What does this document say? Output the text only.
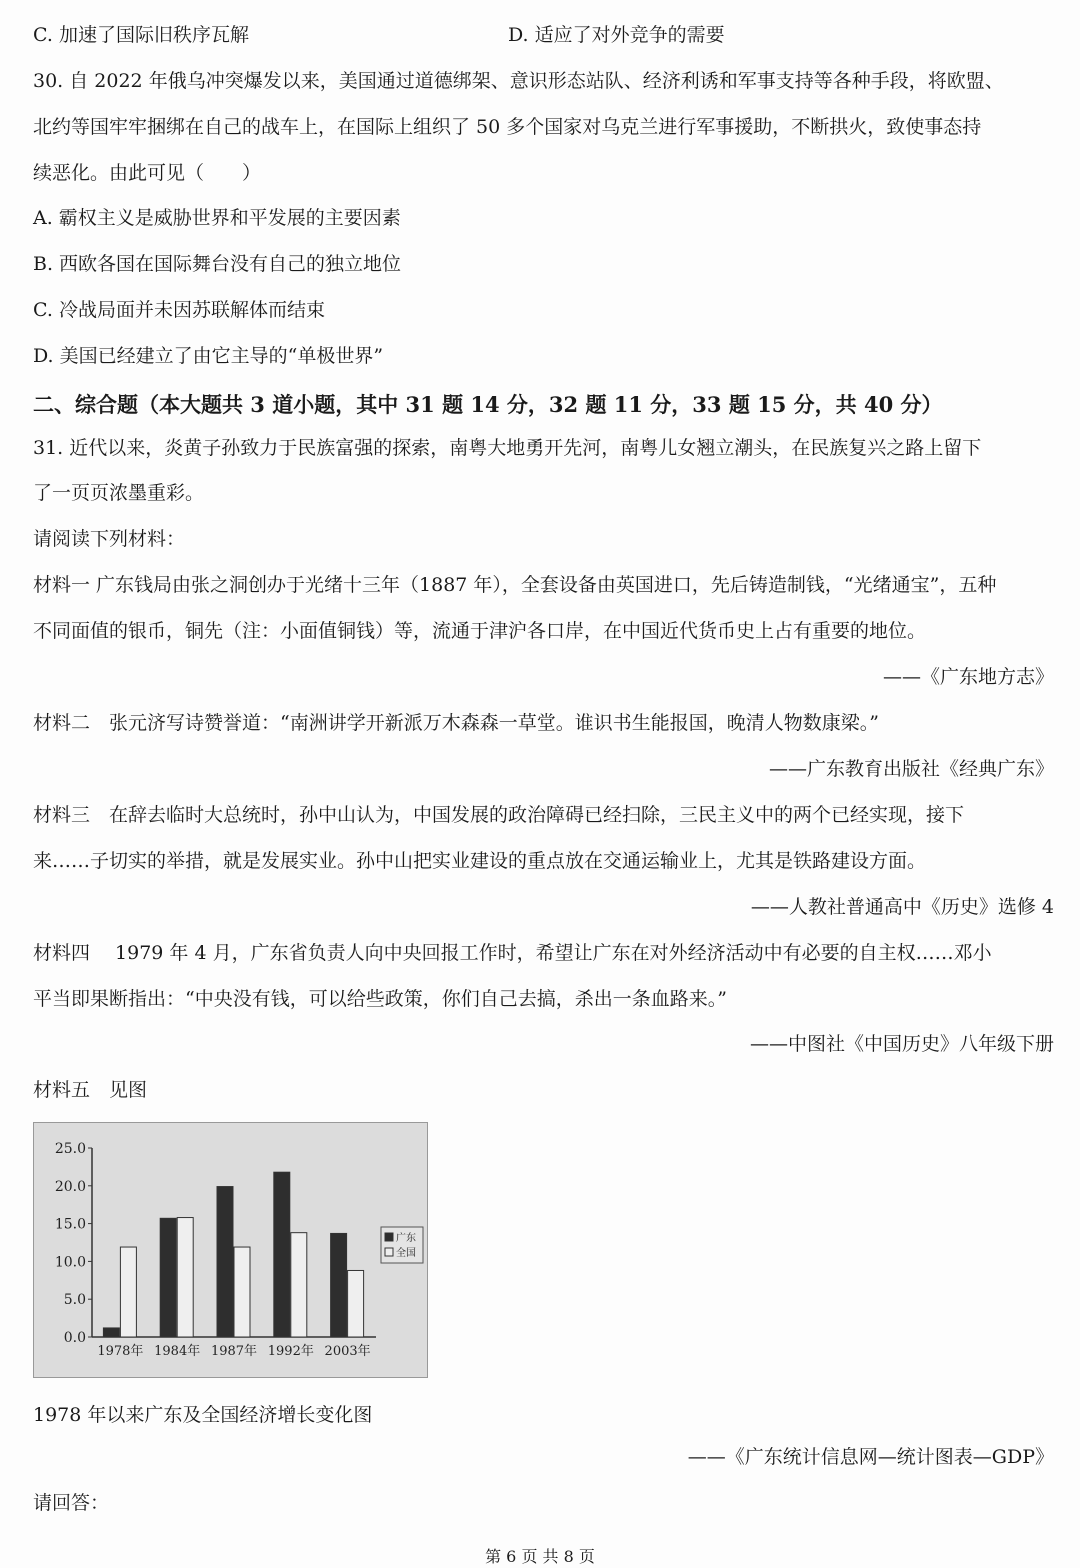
C. 加速了国际旧秩序瓦解	D. 适应了对外竞争的需要
30. 自 2022 年俄乌冲突爆发以来，美国通过道德绑架、意识形态站队、经济利诱和军事支持等各种手段，将欧盟、
北约等国牢牢捆绑在自己的战车上，在国际上组织了 50 多个国家对乌克兰进行军事援助，不断拱火，致使事态持
续恶化。由此可见（　　）
A. 霸权主义是威胁世界和平发展的主要因素
B. 西欧各国在国际舞台没有自己的独立地位
C. 冷战局面并未因苏联解体而结束
D. 美国已经建立了由它主导的“单极世界”
二、综合题（本大题共 3 道小题，其中 31 题 14 分，32 题 11 分，33 题 15 分，共 40 分）
31. 近代以来，炎黄子孙致力于民族富强的探索，南粤大地勇开先河，南粤儿女翘立潮头，在民族复兴之路上留下
了一页页浓墨重彩。
请阅读下列材料：
材料一 广东钱局由张之洞创办于光绪十三年（1887 年），全套设备由英国进口，先后铸造制钱，“光绪通宝”，五种
不同面值的银币，铜先（注：小面值铜钱）等，流通于津沪各口岸，在中国近代货币史上占有重要的地位。
——《广东地方志》
材料二　张元济写诗赞誉道：“南洲讲学开新派万木森森一草堂。谁识书生能报国，晚清人物数康梁。”
——广东教育出版社《经典广东》
材料三　在辞去临时大总统时，孙中山认为，中国发展的政治障碍已经扫除，三民主义中的两个已经实现，接下
来……子切实的举措，就是发展实业。孙中山把实业建设的重点放在交通运输业上，尤其是铁路建设方面。
——人教社普通高中《历史》选修 4
材料四　 1979 年 4 月，广东省负责人向中央回报工作时，希望让广东在对外经济活动中有必要的自主权……邓小
平当即果断指出：“中央没有钱，可以给些政策，你们自己去搞，杀出一条血路来。”
——中图社《中国历史》八年级下册
材料五　见图
0.0
5.0
10.0
15.0
20.0
25.0
1978年 1984年 1987年 1992年 2003年
广东
全国
1978 年以来广东及全国经济增长变化图
——《广东统计信息网—统计图表—GDP》
请回答：
第 6 页 共 8 页
